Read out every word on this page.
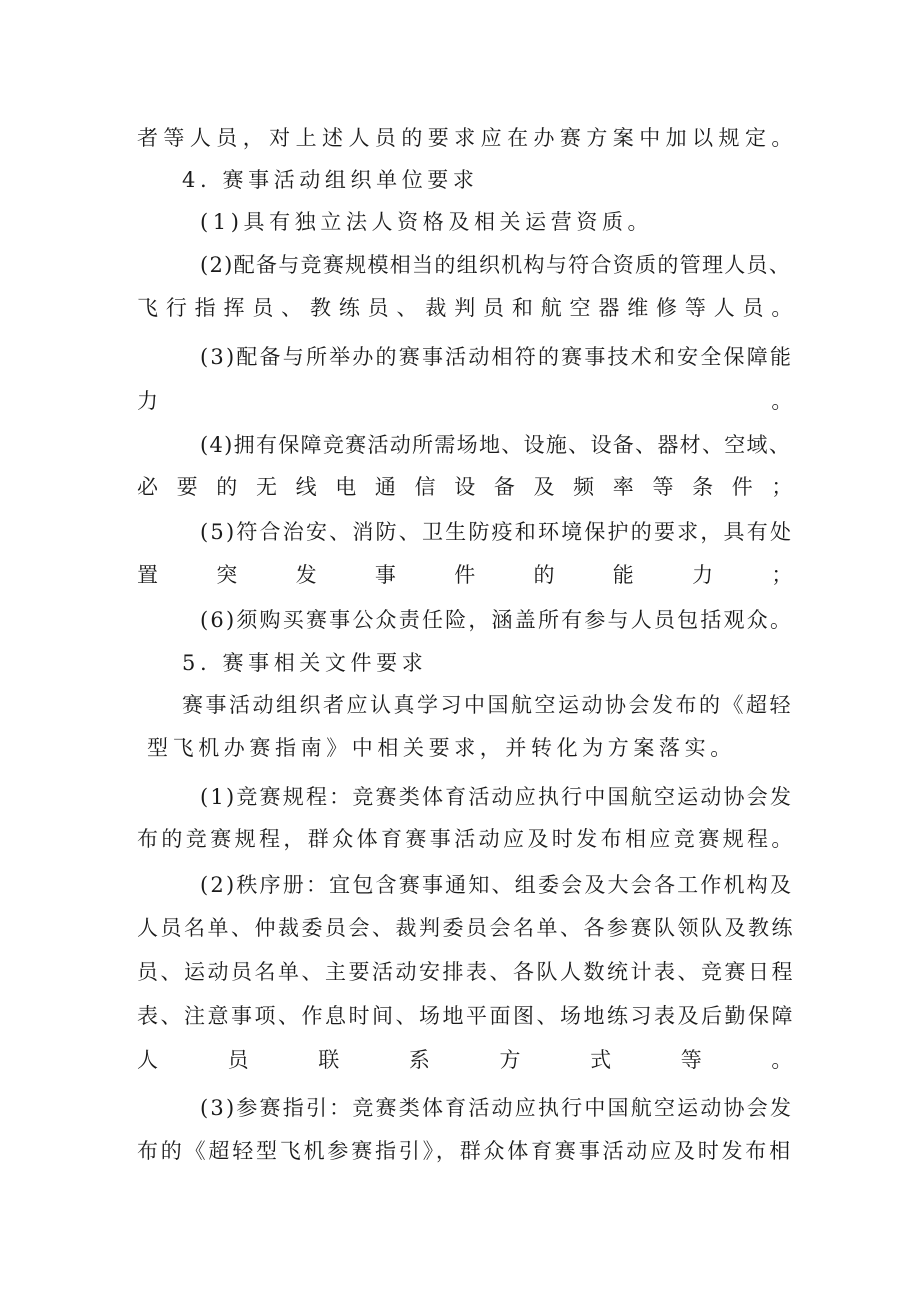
者等人员，对上述人员的要求应在办赛方案中加以规定。

4. 赛事活动组织单位要求

(1)具有独立法人资格及相关运营资质。

(2)配备与竞赛规模相当的组织机构与符合资质的管理人员、

飞行指挥员、教练员、裁判员和航空器维修等人员。

(3)配备与所举办的赛事活动相符的赛事技术和安全保障能

力。

(4)拥有保障竞赛活动所需场地、设施、设备、器材、空域、

必要的无线电通信设备及频率等条件；

(5)符合治安、消防、卫生防疫和环境保护的要求，具有处

置突发事件的能力；

(6)须购买赛事公众责任险，涵盖所有参与人员包括观众。

5. 赛事相关文件要求

赛事活动组织者应认真学习中国航空运动协会发布的《超轻

型飞机办赛指南》中相关要求，并转化为方案落实。

(1)竞赛规程：竞赛类体育活动应执行中国航空运动协会发

布的竞赛规程，群众体育赛事活动应及时发布相应竞赛规程。

(2)秩序册：宜包含赛事通知、组委会及大会各工作机构及

人员名单、仲裁委员会、裁判委员会名单、各参赛队领队及教练

员、运动员名单、主要活动安排表、各队人数统计表、竞赛日程

表、注意事项、作息时间、场地平面图、场地练习表及后勤保障

人员联系方式等。

(3)参赛指引：竞赛类体育活动应执行中国航空运动协会发

布的《超轻型飞机参赛指引》，群众体育赛事活动应及时发布相
